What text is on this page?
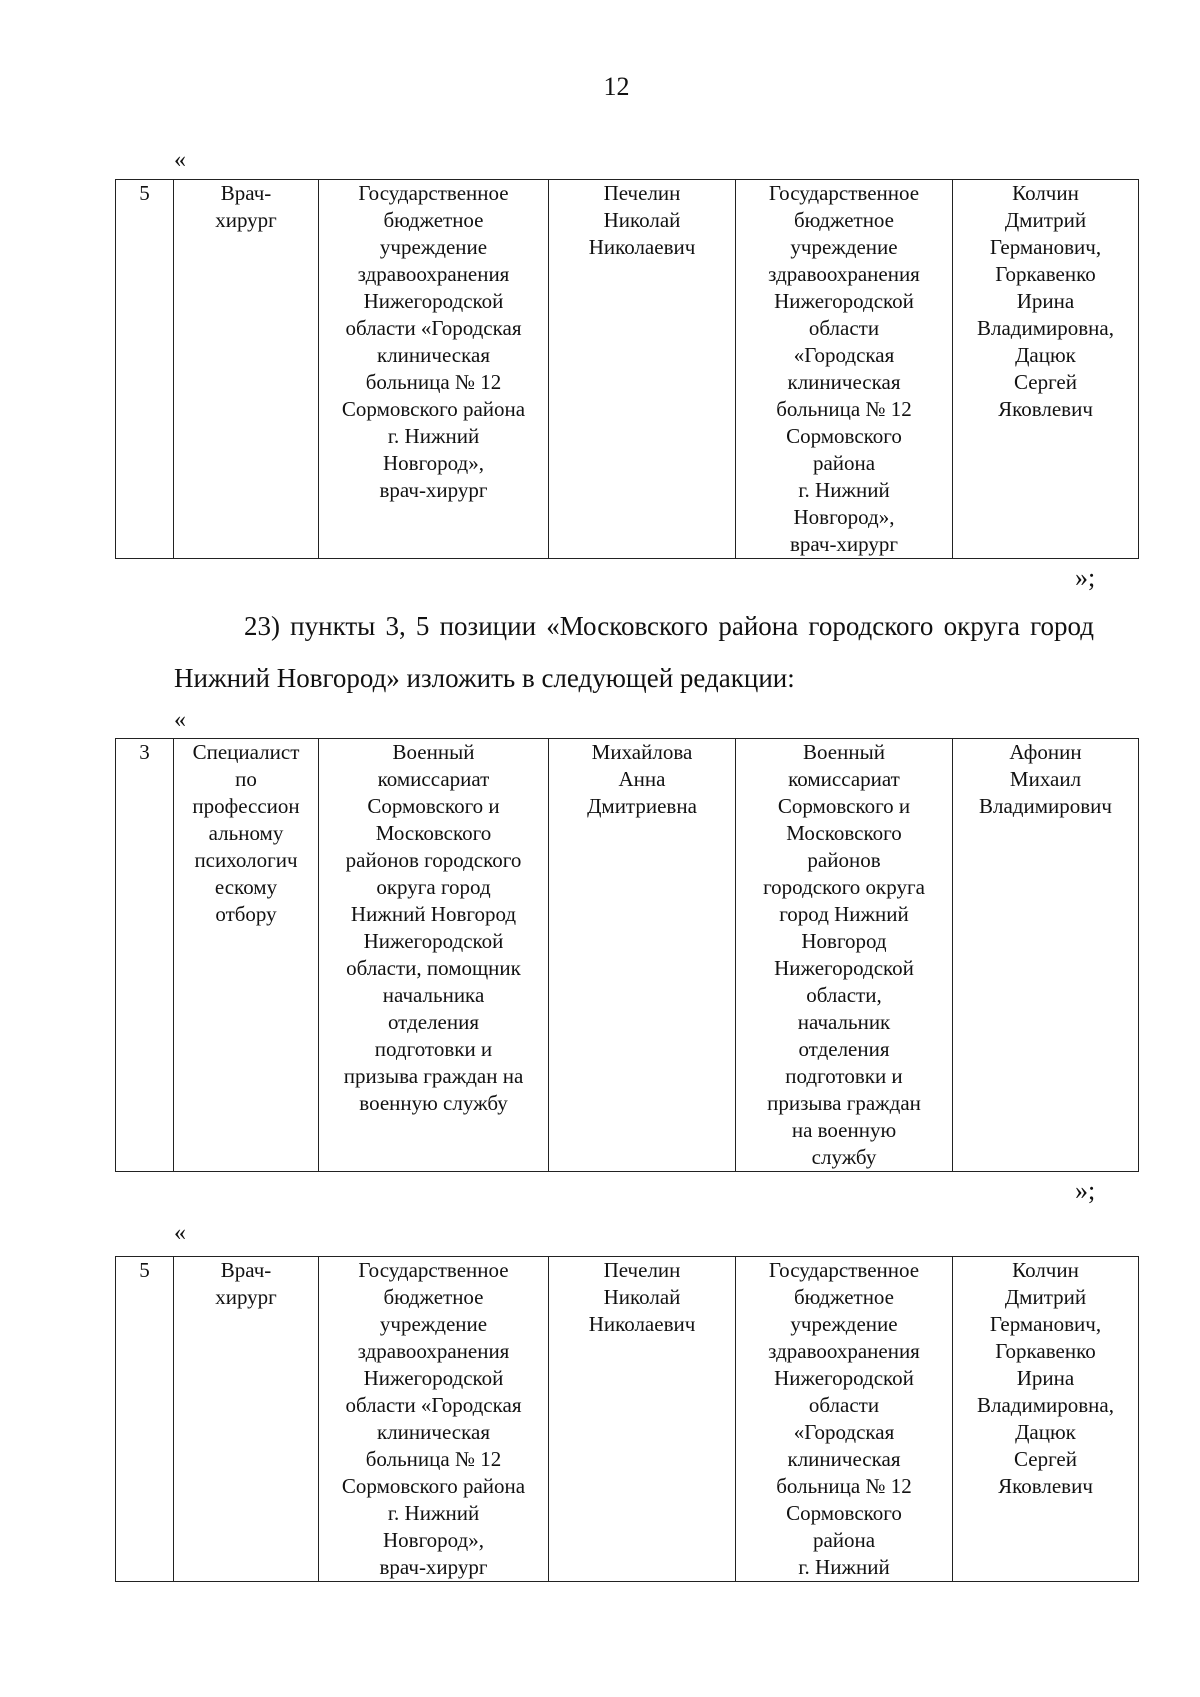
12
«
5	Врач-
хирург	Государственное
бюджетное
учреждение
здравоохранения
Нижегородской
области «Городская
клиническая
больница № 12
Сормовского района
г. Нижний
Новгород»,
врач-хирург	Печелин
Николай
Николаевич	Государственное
бюджетное
учреждение
здравоохранения
Нижегородской
области
«Городская
клиническая
больница № 12
Сормовского
района
г. Нижний
Новгород»,
врач-хирург	Колчин
Дмитрий
Германович,
Горкавенко
Ирина
Владимировна,
Дацюк
Сергей
Яковлевич
»;
23) пункты 3, 5 позиции «Московского района городского округа город Нижний Новгород» изложить в следующей редакции:
«
3	Специалист
по
профессион
альному
психологич
ескому
отбору	Военный
комиссариат
Сормовского и
Московского
районов городского
округа город
Нижний Новгород
Нижегородской
области, помощник
начальника
отделения
подготовки и
призыва граждан на
военную службу	Михайлова
Анна
Дмитриевна	Военный
комиссариат
Сормовского и
Московского
районов
городского округа
город Нижний
Новгород
Нижегородской
области,
начальник
отделения
подготовки и
призыва граждан
на военную
службу	Афонин
Михаил
Владимирович
»;
«
5	Врач-
хирург	Государственное
бюджетное
учреждение
здравоохранения
Нижегородской
области «Городская
клиническая
больница № 12
Сормовского района
г. Нижний
Новгород»,
врач-хирург	Печелин
Николай
Николаевич	Государственное
бюджетное
учреждение
здравоохранения
Нижегородской
области
«Городская
клиническая
больница № 12
Сормовского
района
г. Нижний	Колчин
Дмитрий
Германович,
Горкавенко
Ирина
Владимировна,
Дацюк
Сергей
Яковлевич
